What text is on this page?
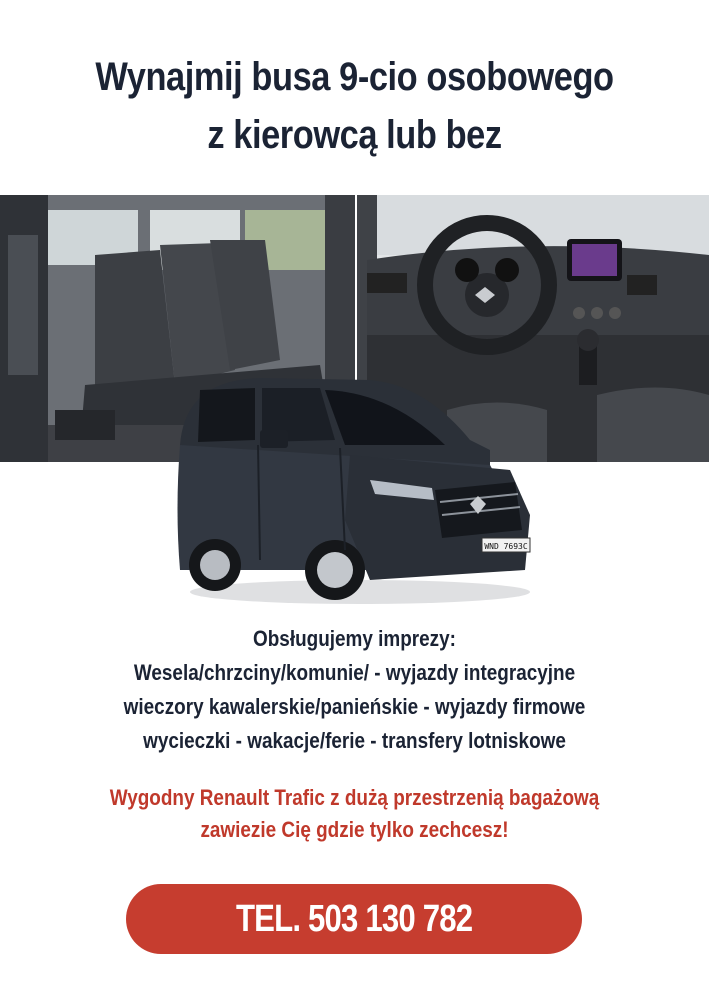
Wynajmij busa 9-cio osobowego
z kierowcą lub bez
WND 7693C
Obsługujemy imprezy:
Wesela/chrzciny/komunie/ - wyjazdy integracyjne
wieczory kawalerskie/panieńskie - wyjazdy firmowe
wycieczki - wakacje/ferie - transfery lotniskowe
Wygodny Renault Trafic z dużą przestrzenią bagażową
zawiezie Cię gdzie tylko zechcesz!
TEL. 503 130 782
